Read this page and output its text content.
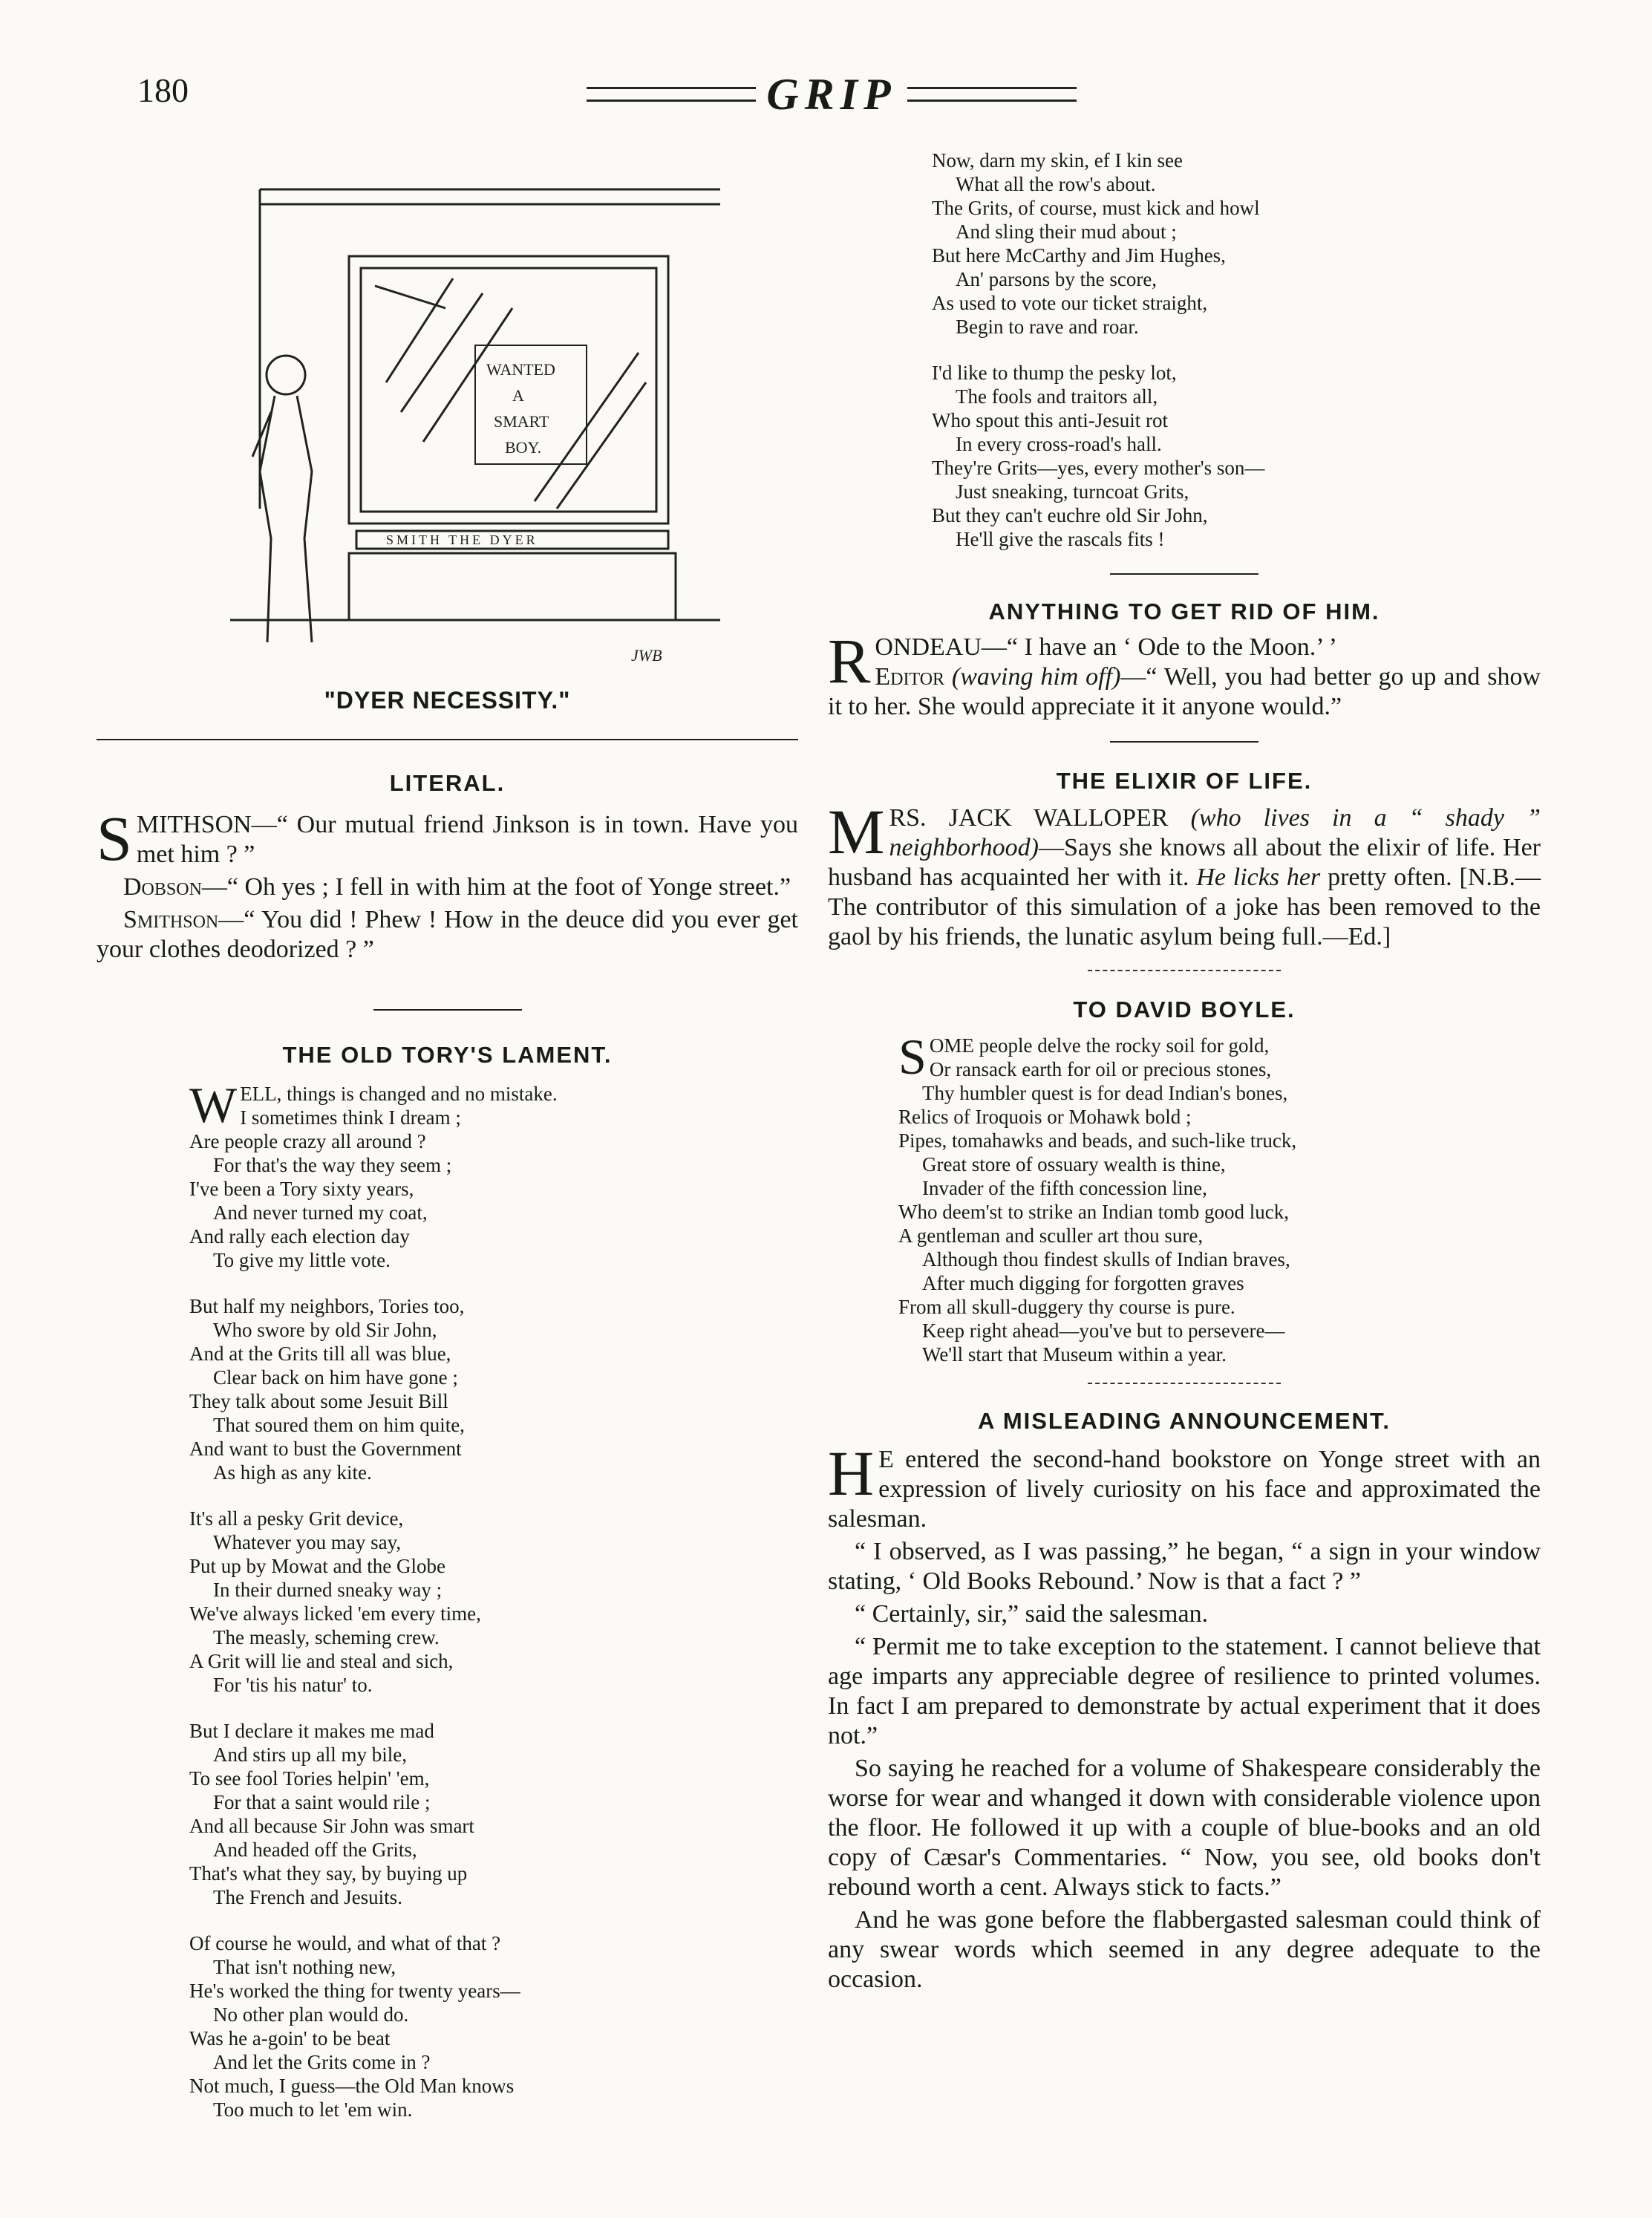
180	GRIP
WANTED
A
SMART
BOY.
SMITH THE DYER
JWB
"DYER NECESSITY."
LITERAL.

SMITHSON—“ Our mutual friend Jinkson is in town. Have you met him ? ”

Dobson—“ Oh yes ; I fell in with him at the foot of Yonge street.”

Smithson—“ You did ! Phew ! How in the deuce did you ever get your clothes deodorized ? ”

THE OLD TORY'S LAMENT.
WELL, things is changed and no mistake.
I sometimes think I dream ;
Are people crazy all around ?
For that's the way they seem ;
I've been a Tory sixty years,
And never turned my coat,
And rally each election day
To give my little vote.
But half my neighbors, Tories too,
Who swore by old Sir John,
And at the Grits till all was blue,
Clear back on him have gone ;
They talk about some Jesuit Bill
That soured them on him quite,
And want to bust the Government
As high as any kite.
It's all a pesky Grit device,
Whatever you may say,
Put up by Mowat and the Globe
In their durned sneaky way ;
We've always licked 'em every time,
The measly, scheming crew.
A Grit will lie and steal and sich,
For 'tis his natur' to.
But I declare it makes me mad
And stirs up all my bile,
To see fool Tories helpin' 'em,
For that a saint would rile ;
And all because Sir John was smart
And headed off the Grits,
That's what they say, by buying up
The French and Jesuits.
Of course he would, and what of that ?
That isn't nothing new,
He's worked the thing for twenty years—
No other plan would do.
Was he a-goin' to be beat
And let the Grits come in ?
Not much, I guess—the Old Man knows
Too much to let 'em win.
Now, darn my skin, ef I kin see
What all the row's about.
The Grits, of course, must kick and howl
And sling their mud about ;
But here McCarthy and Jim Hughes,
An' parsons by the score,
As used to vote our ticket straight,
Begin to rave and roar.
I'd like to thump the pesky lot,
The fools and traitors all,
Who spout this anti-Jesuit rot
In every cross-road's hall.
They're Grits—yes, every mother's son—
Just sneaking, turncoat Grits,
But they can't euchre old Sir John,
He'll give the rascals fits !
ANYTHING TO GET RID OF HIM.

RONDEAU—“ I have an ‘ Ode to the Moon.’ ’
Editor (waving him off)—“ Well, you had better go up and show it to her. She would appreciate it it anyone would.”

THE ELIXIR OF LIFE.

MRS. JACK WALLOPER (who lives in a “ shady ” neighborhood)—Says she knows all about the elixir of life. Her husband has acquainted her with it. He licks her pretty often. [N.B.—The contributor of this simulation of a joke has been removed to the gaol by his friends, the lunatic asylum being full.—Ed.]

TO DAVID BOYLE.
S OME people delve the rocky soil for gold,
Or ransack earth for oil or precious stones,
Thy humbler quest is for dead Indian's bones,
Relics of Iroquois or Mohawk bold ;
Pipes, tomahawks and beads, and such-like truck,
Great store of ossuary wealth is thine,
Invader of the fifth concession line,
Who deem'st to strike an Indian tomb good luck,
A gentleman and sculler art thou sure,
Although thou findest skulls of Indian braves,
After much digging for forgotten graves
From all skull-duggery thy course is pure.
Keep right ahead—you've but to persevere—
We'll start that Museum within a year.
A MISLEADING ANNOUNCEMENT.

H E entered the second-hand bookstore on Yonge street with an expression of lively curiosity on his face and approximated the salesman.

“ I observed, as I was passing,” he began, “ a sign in your window stating, ‘ Old Books Rebound.’ Now is that a fact ? ”

“ Certainly, sir,” said the salesman.

“ Permit me to take exception to the statement. I cannot believe that age imparts any appreciable degree of resilience to printed volumes. In fact I am prepared to demonstrate by actual experiment that it does not.”

So saying he reached for a volume of Shakespeare considerably the worse for wear and whanged it down with considerable violence upon the floor. He followed it up with a couple of blue-books and an old copy of Cæsar's Commentaries. “ Now, you see, old books don't rebound worth a cent. Always stick to facts.”

And he was gone before the flabbergasted salesman could think of any swear words which seemed in any degree adequate to the occasion.
